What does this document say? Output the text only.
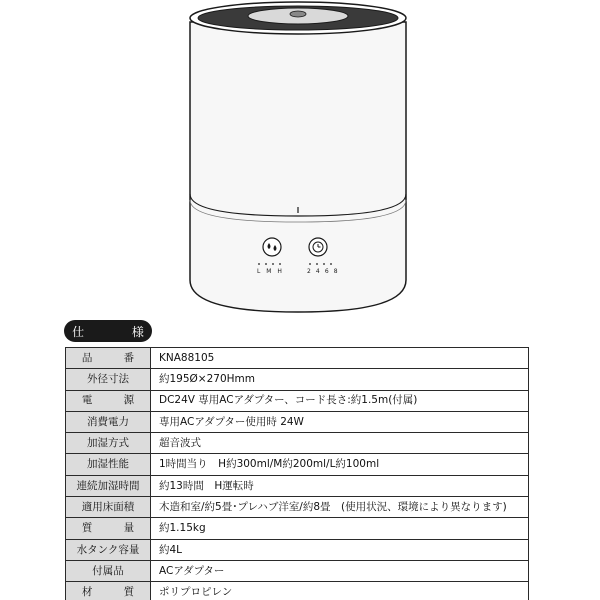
L M H	2 4 6 8
仕 様
品 番	KNA88105
外径寸法	約195Ø×270Hmm
電 源	DC24V 専用ACアダプター、コード長さ:約1.5m(付属)
消費電力	専用ACアダプター使用時 24W
加湿方式	超音波式
加湿性能	1時間当り　H約300ml/M約200ml/L約100ml
連続加湿時間	約13時間　H運転時
適用床面積	木造和室/約5畳･プレハブ洋室/約8畳　(使用状況、環境により異なります)
質 量	約1.15kg
水タンク容量	約4L
付属品	ACアダプター
材 質	ポリプロピレン
